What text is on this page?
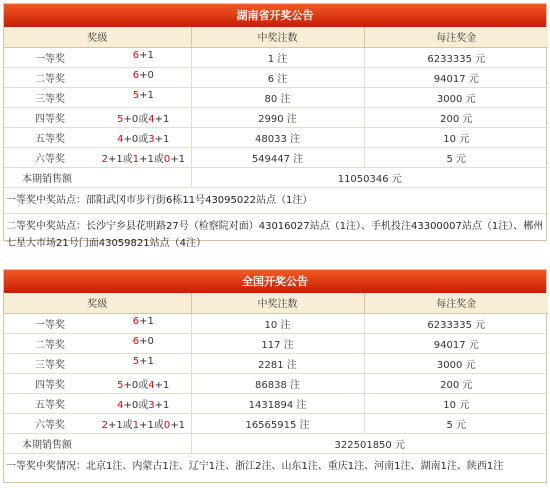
湖南省开奖公告
奖级	中奖注数	每注奖金

一等奖 6+1	1 注	6233335 元

二等奖 6+0	6 注	94017 元

三等奖 5+1	80 注	3000 元

四等奖 5+0或4+1	2990 注	200 元

五等奖 4+0或3+1	48033 注	10 元

六等奖 2+1或1+1或0+1	549447 注	5 元
本期销售额	11050346 元	
一等奖中奖站点：邵阳武冈市步行街6栋11号43095022站点（1注）
二等奖中奖站点：长沙宁乡县花明路27号（检察院对面）43016027站点（1注）、手机投注43300007站点（1注）、郴州七星大市场21号门面43059821站点（4注）
全国开奖公告
奖级	中奖注数	每注奖金

一等奖 6+1	10 注	6233335 元

二等奖 6+0	117 注	94017 元

三等奖 5+1	2281 注	3000 元

四等奖 5+0或4+1	86838 注	200 元

五等奖 4+0或3+1	1431894 注	10 元

六等奖 2+1或1+1或0+1	16565915 注	5 元
本期销售额	322501850 元	
一等奖中奖情况：北京1注、内蒙古1注、辽宁1注、浙江2注、山东1注、重庆1注、河南1注、湖南1注、陕西1注
